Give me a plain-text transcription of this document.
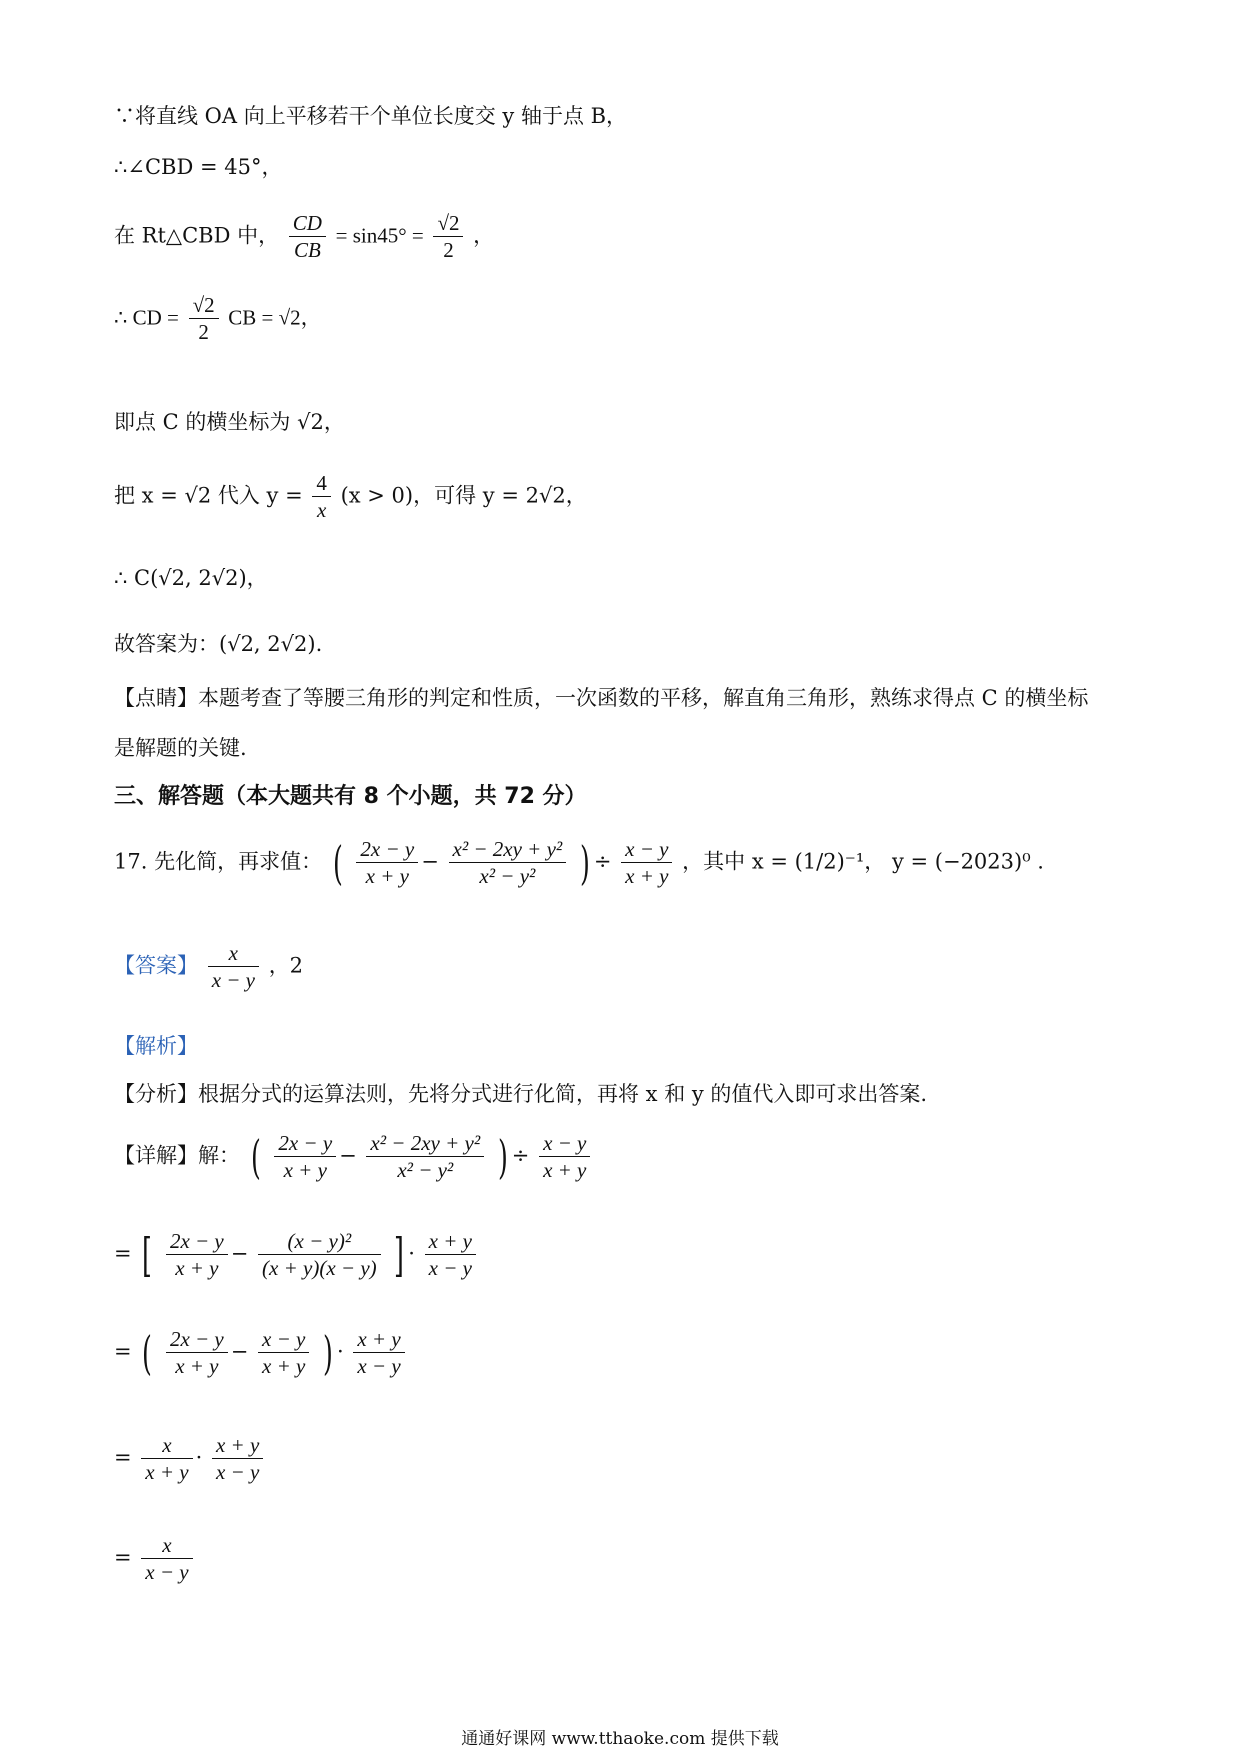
∵将直线 OA 向上平移若干个单位长度交 y 轴于点 B，
∴∠CBD = 45°，
在 Rt△CBD 中， $\frac{CD}{CB} = \sin 45^\circ = \frac{√2}{2}$ ，
∴ CD = $\frac{√2}{2}$ CB = √2，
即点 C 的横坐标为 √2，
把 x = √2 代入 $y = \frac{4}{x} (x > 0)$，可得 y = 2√2，
∴ C(√2, 2√2)，
故答案为：(√2, 2√2).
【点睛】本题考查了等腰三角形的判定和性质，一次函数的平移，解直角三角形，熟练求得点 C 的横坐标
是解题的关键.
三、解答题（本大题共有 8 个小题，共 72 分）
17. 先化简，再求值： ( $\frac{2x - y}{x + y} - \frac{\text{x² − 2xy + y²}}{\text{x² − y²}}$ ) ÷ $\frac{x - y}{x + y}$ ，其中 x = (1/2)⁻¹， y = (−2023)⁰ .
【答案】 $\frac{x}{x - y}$ ，2
【解析】
【分析】根据分式的运算法则，先将分式进行化简，再将 x 和 y 的值代入即可求出答案.
【详解】解： ( $\frac{2x - y}{x + y} - \frac{\text{x² − 2xy + y²}}{\text{x² − y²}}$ ) ÷ $\frac{x - y}{x + y}$
= [ $\frac{2x - y}{x + y} - \frac{\text{(x − y)²}}{(x + y)(x - y)}$ ] · $\frac{x + y}{x - y}$
= ( $\frac{2x - y}{x + y} - \frac{x - y}{x + y}$ ) · $\frac{x + y}{x - y}$
= $\frac{x}{x + y} \cdot \frac{x + y}{x - y}$
= $\frac{x}{x - y}$
通通好课网 www.tthaoke.com 提供下载
